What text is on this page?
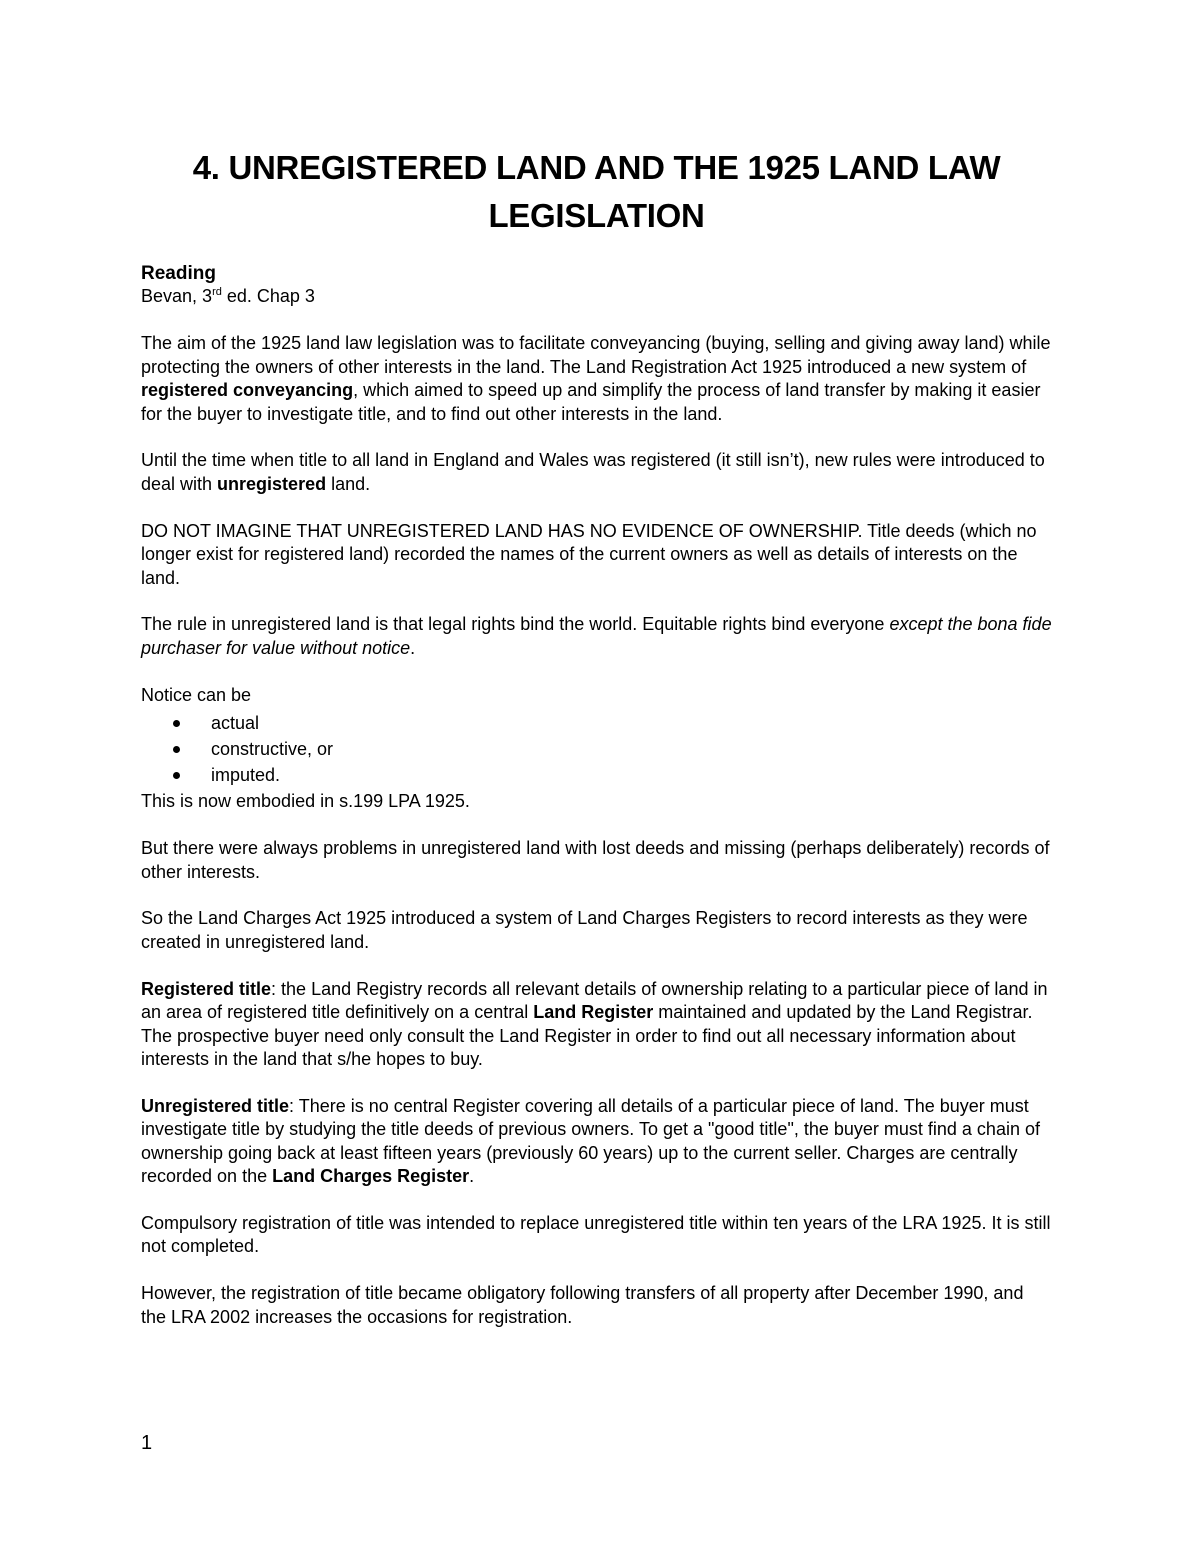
4. UNREGISTERED LAND AND THE 1925 LAND LAW LEGISLATION
Reading

Bevan, 3rd ed. Chap 3

The aim of the 1925 land law legislation was to facilitate conveyancing (buying, selling and giving away land) while protecting the owners of other interests in the land. The Land Registration Act 1925 introduced a new system of registered conveyancing, which aimed to speed up and simplify the process of land transfer by making it easier for the buyer to investigate title, and to find out other interests in the land.

Until the time when title to all land in England and Wales was registered (it still isn’t), new rules were introduced to deal with unregistered land.

DO NOT IMAGINE THAT UNREGISTERED LAND HAS NO EVIDENCE OF OWNERSHIP. Title deeds (which no longer exist for registered land) recorded the names of the current owners as well as details of interests on the land.

The rule in unregistered land is that legal rights bind the world. Equitable rights bind everyone except the bona fide purchaser for value without notice.

Notice can be

actual
constructive, or
imputed.

This is now embodied in s.199 LPA 1925.

But there were always problems in unregistered land with lost deeds and missing (perhaps deliberately) records of other interests.

So the Land Charges Act 1925 introduced a system of Land Charges Registers to record interests as they were created in unregistered land.

Registered title: the Land Registry records all relevant details of ownership relating to a particular piece of land in an area of registered title definitively on a central Land Register maintained and updated by the Land Registrar. The prospective buyer need only consult the Land Register in order to find out all necessary information about interests in the land that s/he hopes to buy.

Unregistered title: There is no central Register covering all details of a particular piece of land. The buyer must investigate title by studying the title deeds of previous owners. To get a "good title", the buyer must find a chain of ownership going back at least fifteen years (previously 60 years) up to the current seller. Charges are centrally recorded on the Land Charges Register.

Compulsory registration of title was intended to replace unregistered title within ten years of the LRA 1925. It is still not completed.

However, the registration of title became obligatory following transfers of all property after December 1990, and the LRA 2002 increases the occasions for registration.

1
